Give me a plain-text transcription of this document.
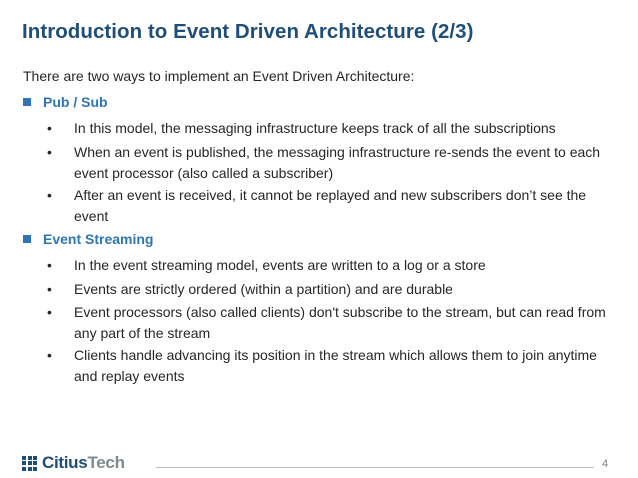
Introduction to Event Driven Architecture (2/3)
There are two ways to implement an Event Driven Architecture:
Pub / Sub
• In this model, the messaging infrastructure keeps track of all the subscriptions
• When an event is published, the messaging infrastructure re-sends the event to each event processor (also called a subscriber)
• After an event is received, it cannot be replayed and new subscribers don’t see the event
Event Streaming
• In the event streaming model, events are written to a log or a store
• Events are strictly ordered (within a partition) and are durable
• Event processors (also called clients) don't subscribe to the stream, but can read from any part of the stream
• Clients handle advancing its position in the stream which allows them to join anytime and replay events
CitiusTech	4
